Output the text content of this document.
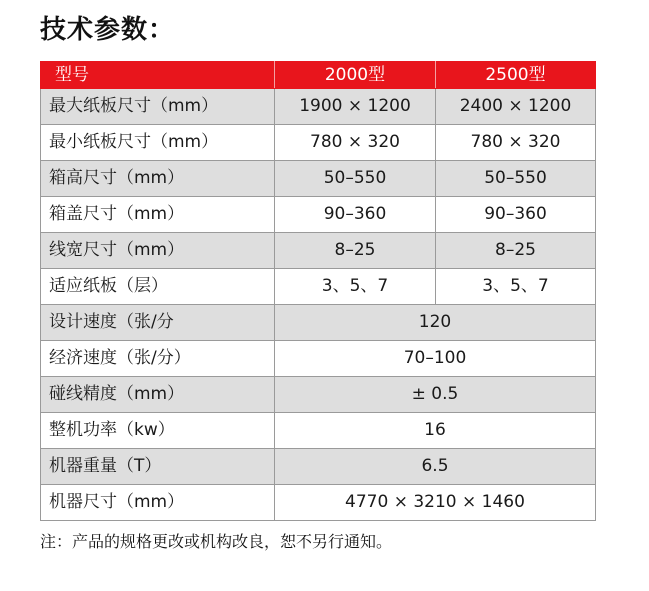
技术参数：
型号	2000型	2500型
最大纸板尺寸（mm）	1900 × 1200	2400 × 1200
最小纸板尺寸（mm）	780 × 320	780 × 320
箱高尺寸（mm）	50–550	50–550
箱盖尺寸（mm）	90–360	90–360
线宽尺寸（mm）	8–25	8–25
适应纸板（层）	3、5、7	3、5、7
设计速度（张/分	120	
经济速度（张/分）	70–100	
碰线精度（mm）	± 0.5	
整机功率（kw）	16	
机器重量（T）	6.5	
机器尺寸（mm）	4770 × 3210 × 1460	
注：产品的规格更改或机构改良，恕不另行通知。
